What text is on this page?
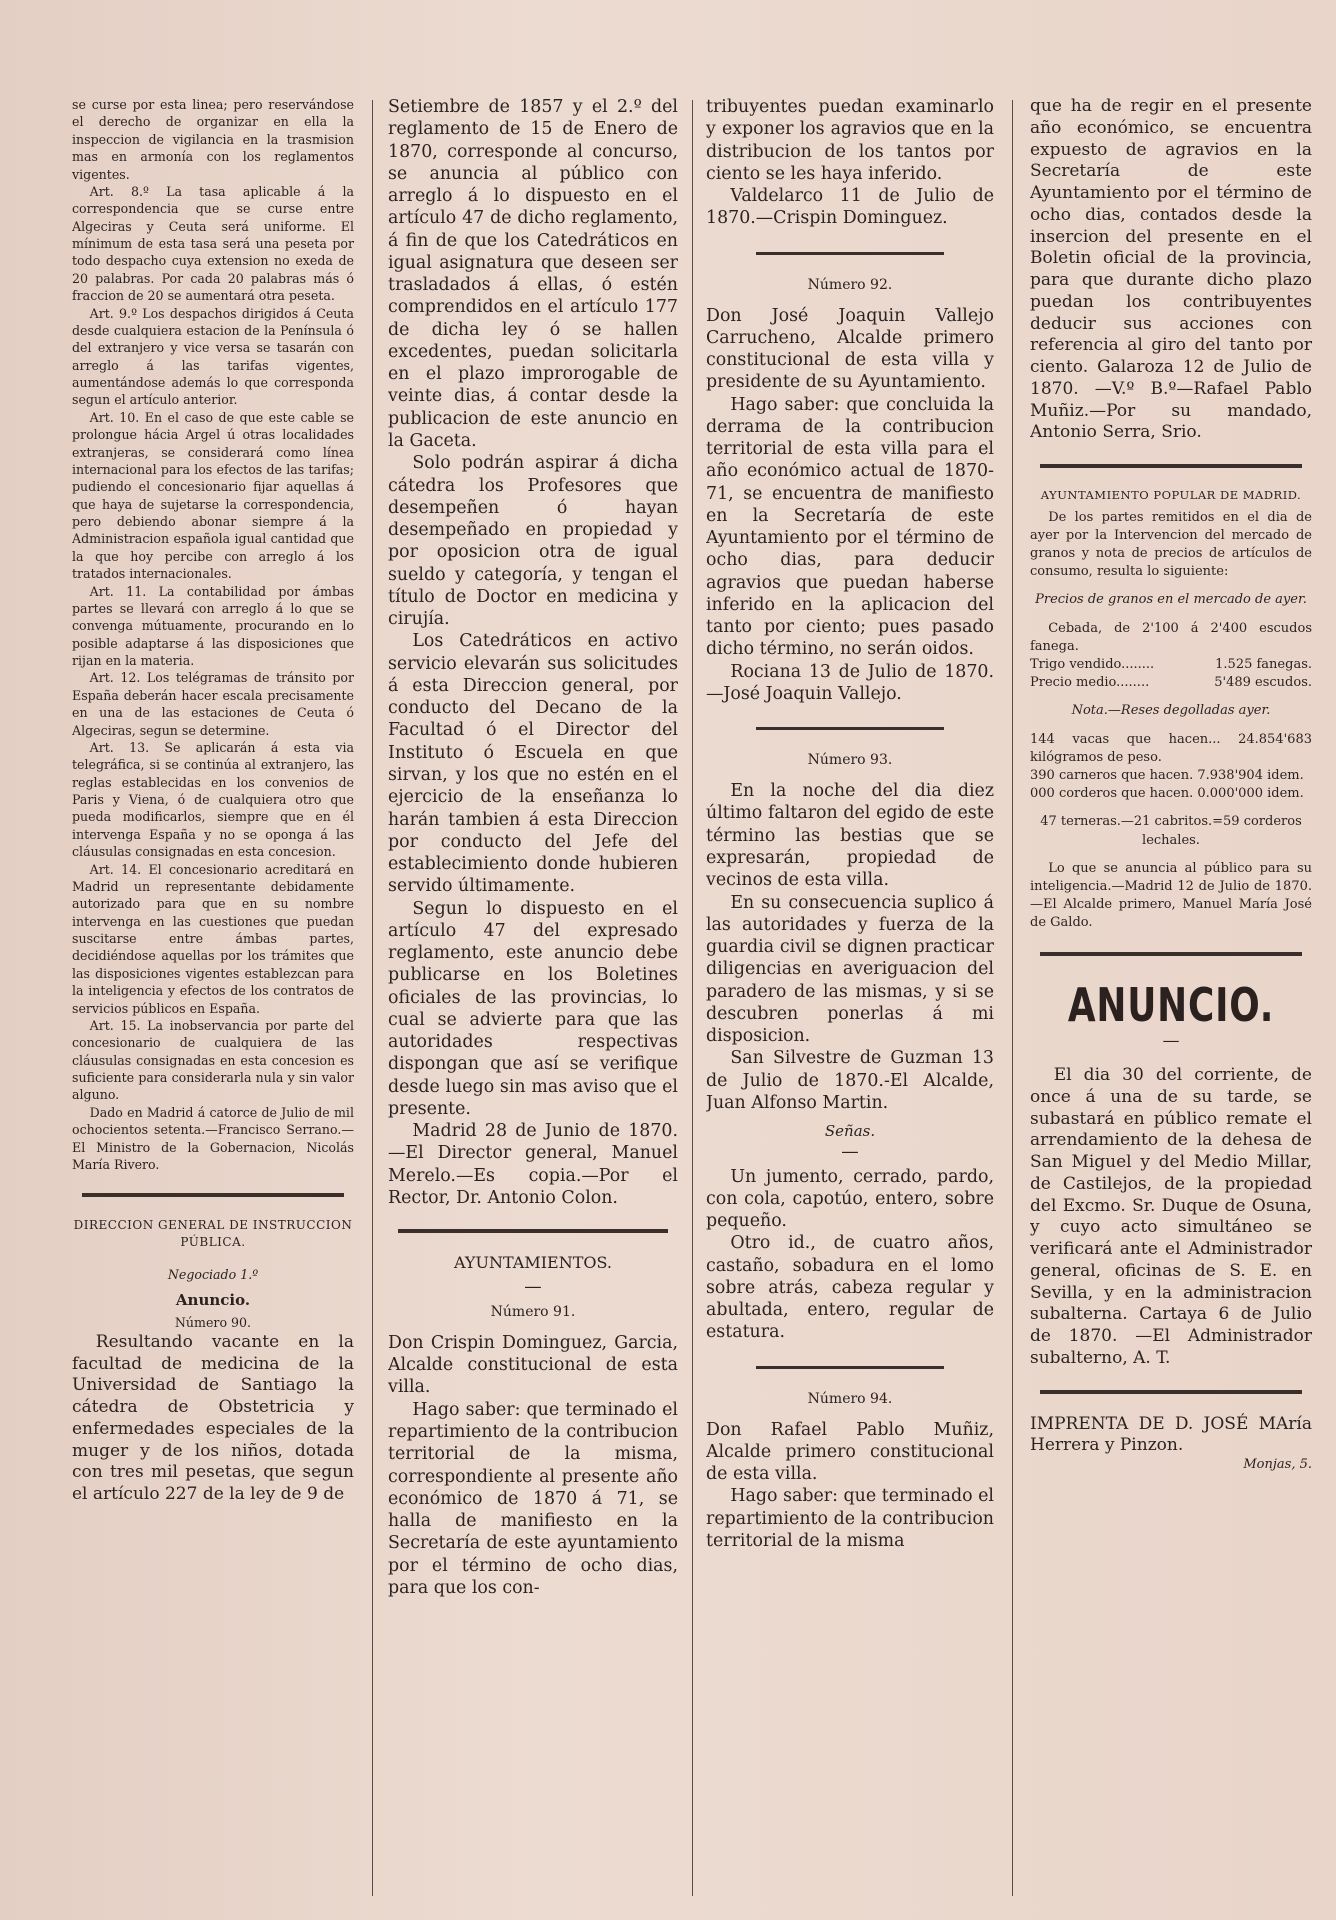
se curse por esta linea; pero reservándose el derecho de organizar en ella la inspeccion de vigilancia en la trasmision mas en armonía con los reglamentos vigentes.

Art. 8.º La tasa aplicable á la correspondencia que se curse entre Algeciras y Ceuta será uniforme. El mínimum de esta tasa será una peseta por todo despacho cuya extension no exeda de 20 palabras. Por cada 20 palabras más ó fraccion de 20 se aumentará otra peseta.

Art. 9.º Los despachos dirigidos á Ceuta desde cualquiera estacion de la Península ó del extranjero y vice versa se tasarán con arreglo á las tarifas vigentes, aumentándose además lo que corresponda segun el artículo anterior.

Art. 10. En el caso de que este cable se prolongue hácia Argel ú otras localidades extranjeras, se considerará como línea internacional para los efectos de las tarifas; pudiendo el concesionario fijar aquellas á que haya de sujetarse la correspondencia, pero debiendo abonar siempre á la Administracion española igual cantidad que la que hoy percibe con arreglo á los tratados internacionales.

Art. 11. La contabilidad por ámbas partes se llevará con arreglo á lo que se convenga mútuamente, procurando en lo posible adaptarse á las disposiciones que rijan en la materia.

Art. 12. Los telégramas de tránsito por España deberán hacer escala precisamente en una de las estaciones de Ceuta ó Algeciras, segun se determine.

Art. 13. Se aplicarán á esta via telegráfica, si se continúa al extranjero, las reglas establecidas en los convenios de Paris y Viena, ó de cualquiera otro que pueda modificarlos, siempre que en él intervenga España y no se oponga á las cláusulas consignadas en esta concesion.

Art. 14. El concesionario acreditará en Madrid un representante debidamente autorizado para que en su nombre intervenga en las cuestiones que puedan suscitarse entre ámbas partes, decidiéndose aquellas por los trámites que las disposiciones vigentes establezcan para la inteligencia y efectos de los contratos de servicios públicos en España.

Art. 15. La inobservancia por parte del concesionario de cualquiera de las cláusulas consignadas en esta concesion es suficiente para considerarla nula y sin valor alguno.

Dado en Madrid á catorce de Julio de mil ochocientos setenta.—Francisco Serrano.—El Ministro de la Gobernacion, Nicolás María Rivero.

DIRECCION GENERAL DE INSTRUCCION PÚBLICA.

Negociado 1.º

Anuncio.

Número 90.

Resultando vacante en la facultad de medicina de la Universidad de Santiago la cátedra de Obstetricia y enfermedades especiales de la muger y de los niños, dotada con tres mil pesetas, que segun el artículo 227 de la ley de 9 de

Setiembre de 1857 y el 2.º del reglamento de 15 de Enero de 1870, corresponde al concurso, se anuncia al público con arreglo á lo dispuesto en el artículo 47 de dicho reglamento, á fin de que los Catedráticos en igual asignatura que deseen ser trasladados á ellas, ó estén comprendidos en el artículo 177 de dicha ley ó se hallen excedentes, puedan solicitarla en el plazo improrogable de veinte dias, á contar desde la publicacion de este anuncio en la Gaceta.

Solo podrán aspirar á dicha cátedra los Profesores que desempeñen ó hayan desempeñado en propiedad y por oposicion otra de igual sueldo y categoría, y tengan el título de Doctor en medicina y cirujía.

Los Catedráticos en activo servicio elevarán sus solicitudes á esta Direccion general, por conducto del Decano de la Facultad ó el Director del Instituto ó Escuela en que sirvan, y los que no estén en el ejercicio de la enseñanza lo harán tambien á esta Direccion por conducto del Jefe del establecimiento donde hubieren servido últimamente.

Segun lo dispuesto en el artículo 47 del expresado reglamento, este anuncio debe publicarse en los Boletines oficiales de las provincias, lo cual se advierte para que las autoridades respectivas dispongan que así se verifique desde luego sin mas aviso que el presente.

Madrid 28 de Junio de 1870.—El Director general, Manuel Merelo.—Es copia.—Por el Rector, Dr. Antonio Colon.

AYUNTAMIENTOS.

—

Número 91.

Don Crispin Dominguez, Garcia, Alcalde constitucional de esta villa.

Hago saber: que terminado el repartimiento de la contribucion territorial de la misma, correspondiente al presente año económico de 1870 á 71, se halla de manifiesto en la Secretaría de este ayuntamiento por el término de ocho dias, para que los con-

tribuyentes puedan examinarlo y exponer los agravios que en la distribucion de los tantos por ciento se les haya inferido.

Valdelarco 11 de Julio de 1870.—Crispin Dominguez.

Número 92.

Don José Joaquin Vallejo Carrucheno, Alcalde primero constitucional de esta villa y presidente de su Ayuntamiento.

Hago saber: que concluida la derrama de la contribucion territorial de esta villa para el año económico actual de 1870-71, se encuentra de manifiesto en la Secretaría de este Ayuntamiento por el término de ocho dias, para deducir agravios que puedan haberse inferido en la aplicacion del tanto por ciento; pues pasado dicho término, no serán oidos.

Rociana 13 de Julio de 1870.—José Joaquin Vallejo.

Número 93.

En la noche del dia diez último faltaron del egido de este término las bestias que se expresarán, propiedad de vecinos de esta villa.

En su consecuencia suplico á las autoridades y fuerza de la guardia civil se dignen practicar diligencias en averiguacion del paradero de las mismas, y si se descubren ponerlas á mi disposicion.

San Silvestre de Guzman 13 de Julio de 1870.-El Alcalde, Juan Alfonso Martin.

Señas.

—

Un jumento, cerrado, pardo, con cola, capotúo, entero, sobre pequeño.

Otro id., de cuatro años, castaño, sobadura en el lomo sobre atrás, cabeza regular y abultada, entero, regular de estatura.

Número 94.

Don Rafael Pablo Muñiz, Alcalde primero constitucional de esta villa.

Hago saber: que terminado el repartimiento de la contribucion territorial de la misma

que ha de regir en el presente año económico, se encuentra expuesto de agravios en la Secretaría de este Ayuntamiento por el término de ocho dias, contados desde la insercion del presente en el Boletin oficial de la provincia, para que durante dicho plazo puedan los contribuyentes deducir sus acciones con referencia al giro del tanto por ciento. Galaroza 12 de Julio de 1870. —V.º B.º—Rafael Pablo Muñiz.—Por su mandado, Antonio Serra, Srio.

AYUNTAMIENTO POPULAR DE MADRID.

De los partes remitidos en el dia de ayer por la Intervencion del mercado de granos y nota de precios de artículos de consumo, resulta lo siguiente:

Precios de granos en el mercado de ayer.

Cebada, de 2'100 á 2'400 escudos fanega.

Trigo vendido........	1.525 fanegas.
Precio medio........	5'489 escudos.

Nota.—Reses degolladas ayer.

144 vacas que hacen... 24.854'683 kilógramos de peso.

390 carneros que hacen. 7.938'904 idem.

000 corderos que hacen. 0.000'000 idem.

47 terneras.—21 cabritos.=59 corderos lechales.

Lo que se anuncia al público para su inteligencia.—Madrid 12 de Julio de 1870.—El Alcalde primero, Manuel María José de Galdo.

ANUNCIO.
—

El dia 30 del corriente, de once á una de su tarde, se subastará en público remate el arrendamiento de la dehesa de San Miguel y del Medio Millar, de Castilejos, de la propiedad del Excmo. Sr. Duque de Osuna, y cuyo acto simultáneo se verificará ante el Administrador general, oficinas de S. E. en Sevilla, y en la administracion subalterna. Cartaya 6 de Julio de 1870. —El Administrador subalterno, A. T.

IMPRENTA DE D. JOSÉ MAría Herrera y Pinzon.

Monjas, 5.
